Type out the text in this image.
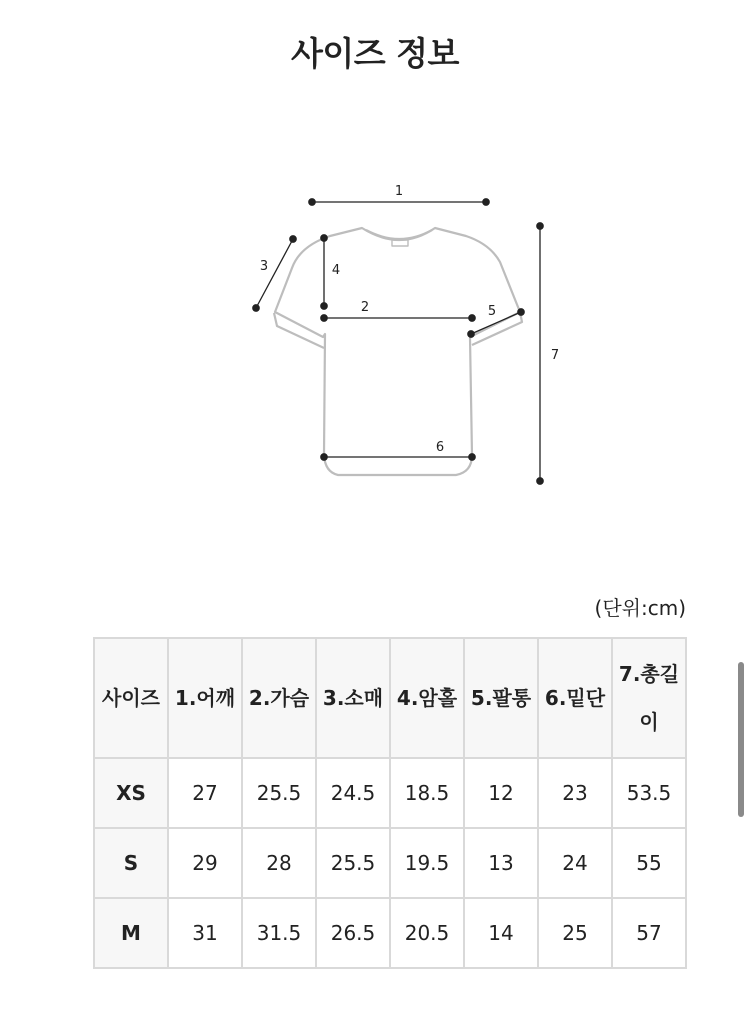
사이즈 정보
1
2
3	4
5
6
7
(단위:cm)
사이즈	1.어깨	2.가슴	3.소매	4.암홀	5.팔통	6.밑단	7.총길이
XS	27	25.5	24.5	18.5	12	23	53.5
S	29	28	25.5	19.5	13	24	55
M	31	31.5	26.5	20.5	14	25	57
